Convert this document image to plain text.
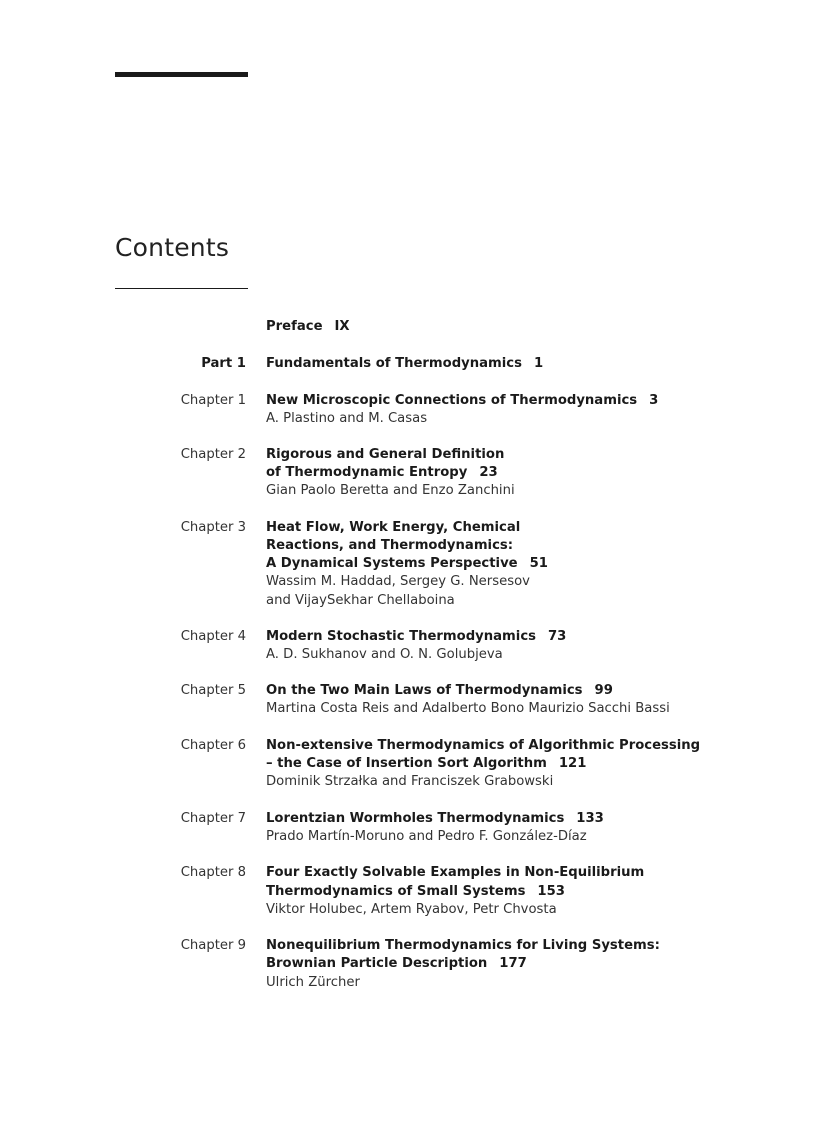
Contents
Preface IX
Part 1 Fundamentals of Thermodynamics 1
Chapter 1 New Microscopic Connections of Thermodynamics 3
A. Plastino and M. Casas
Chapter 2 Rigorous and General Definition
of Thermodynamic Entropy 23
Gian Paolo Beretta and Enzo Zanchini
Chapter 3 Heat Flow, Work Energy, Chemical
Reactions, and Thermodynamics:
A Dynamical Systems Perspective 51
Wassim M. Haddad, Sergey G. Nersesov
and VijaySekhar Chellaboina
Chapter 4 Modern Stochastic Thermodynamics 73
A. D. Sukhanov and O. N. Golubjeva
Chapter 5 On the Two Main Laws of Thermodynamics 99
Martina Costa Reis and Adalberto Bono Maurizio Sacchi Bassi
Chapter 6 Non-extensive Thermodynamics of Algorithmic Processing
– the Case of Insertion Sort Algorithm 121
Dominik Strzałka and Franciszek Grabowski
Chapter 7 Lorentzian Wormholes Thermodynamics 133
Prado Martín-Moruno and Pedro F. González-Díaz
Chapter 8 Four Exactly Solvable Examples in Non-Equilibrium
Thermodynamics of Small Systems 153
Viktor Holubec, Artem Ryabov, Petr Chvosta
Chapter 9 Nonequilibrium Thermodynamics for Living Systems:
Brownian Particle Description 177
Ulrich Zürcher
